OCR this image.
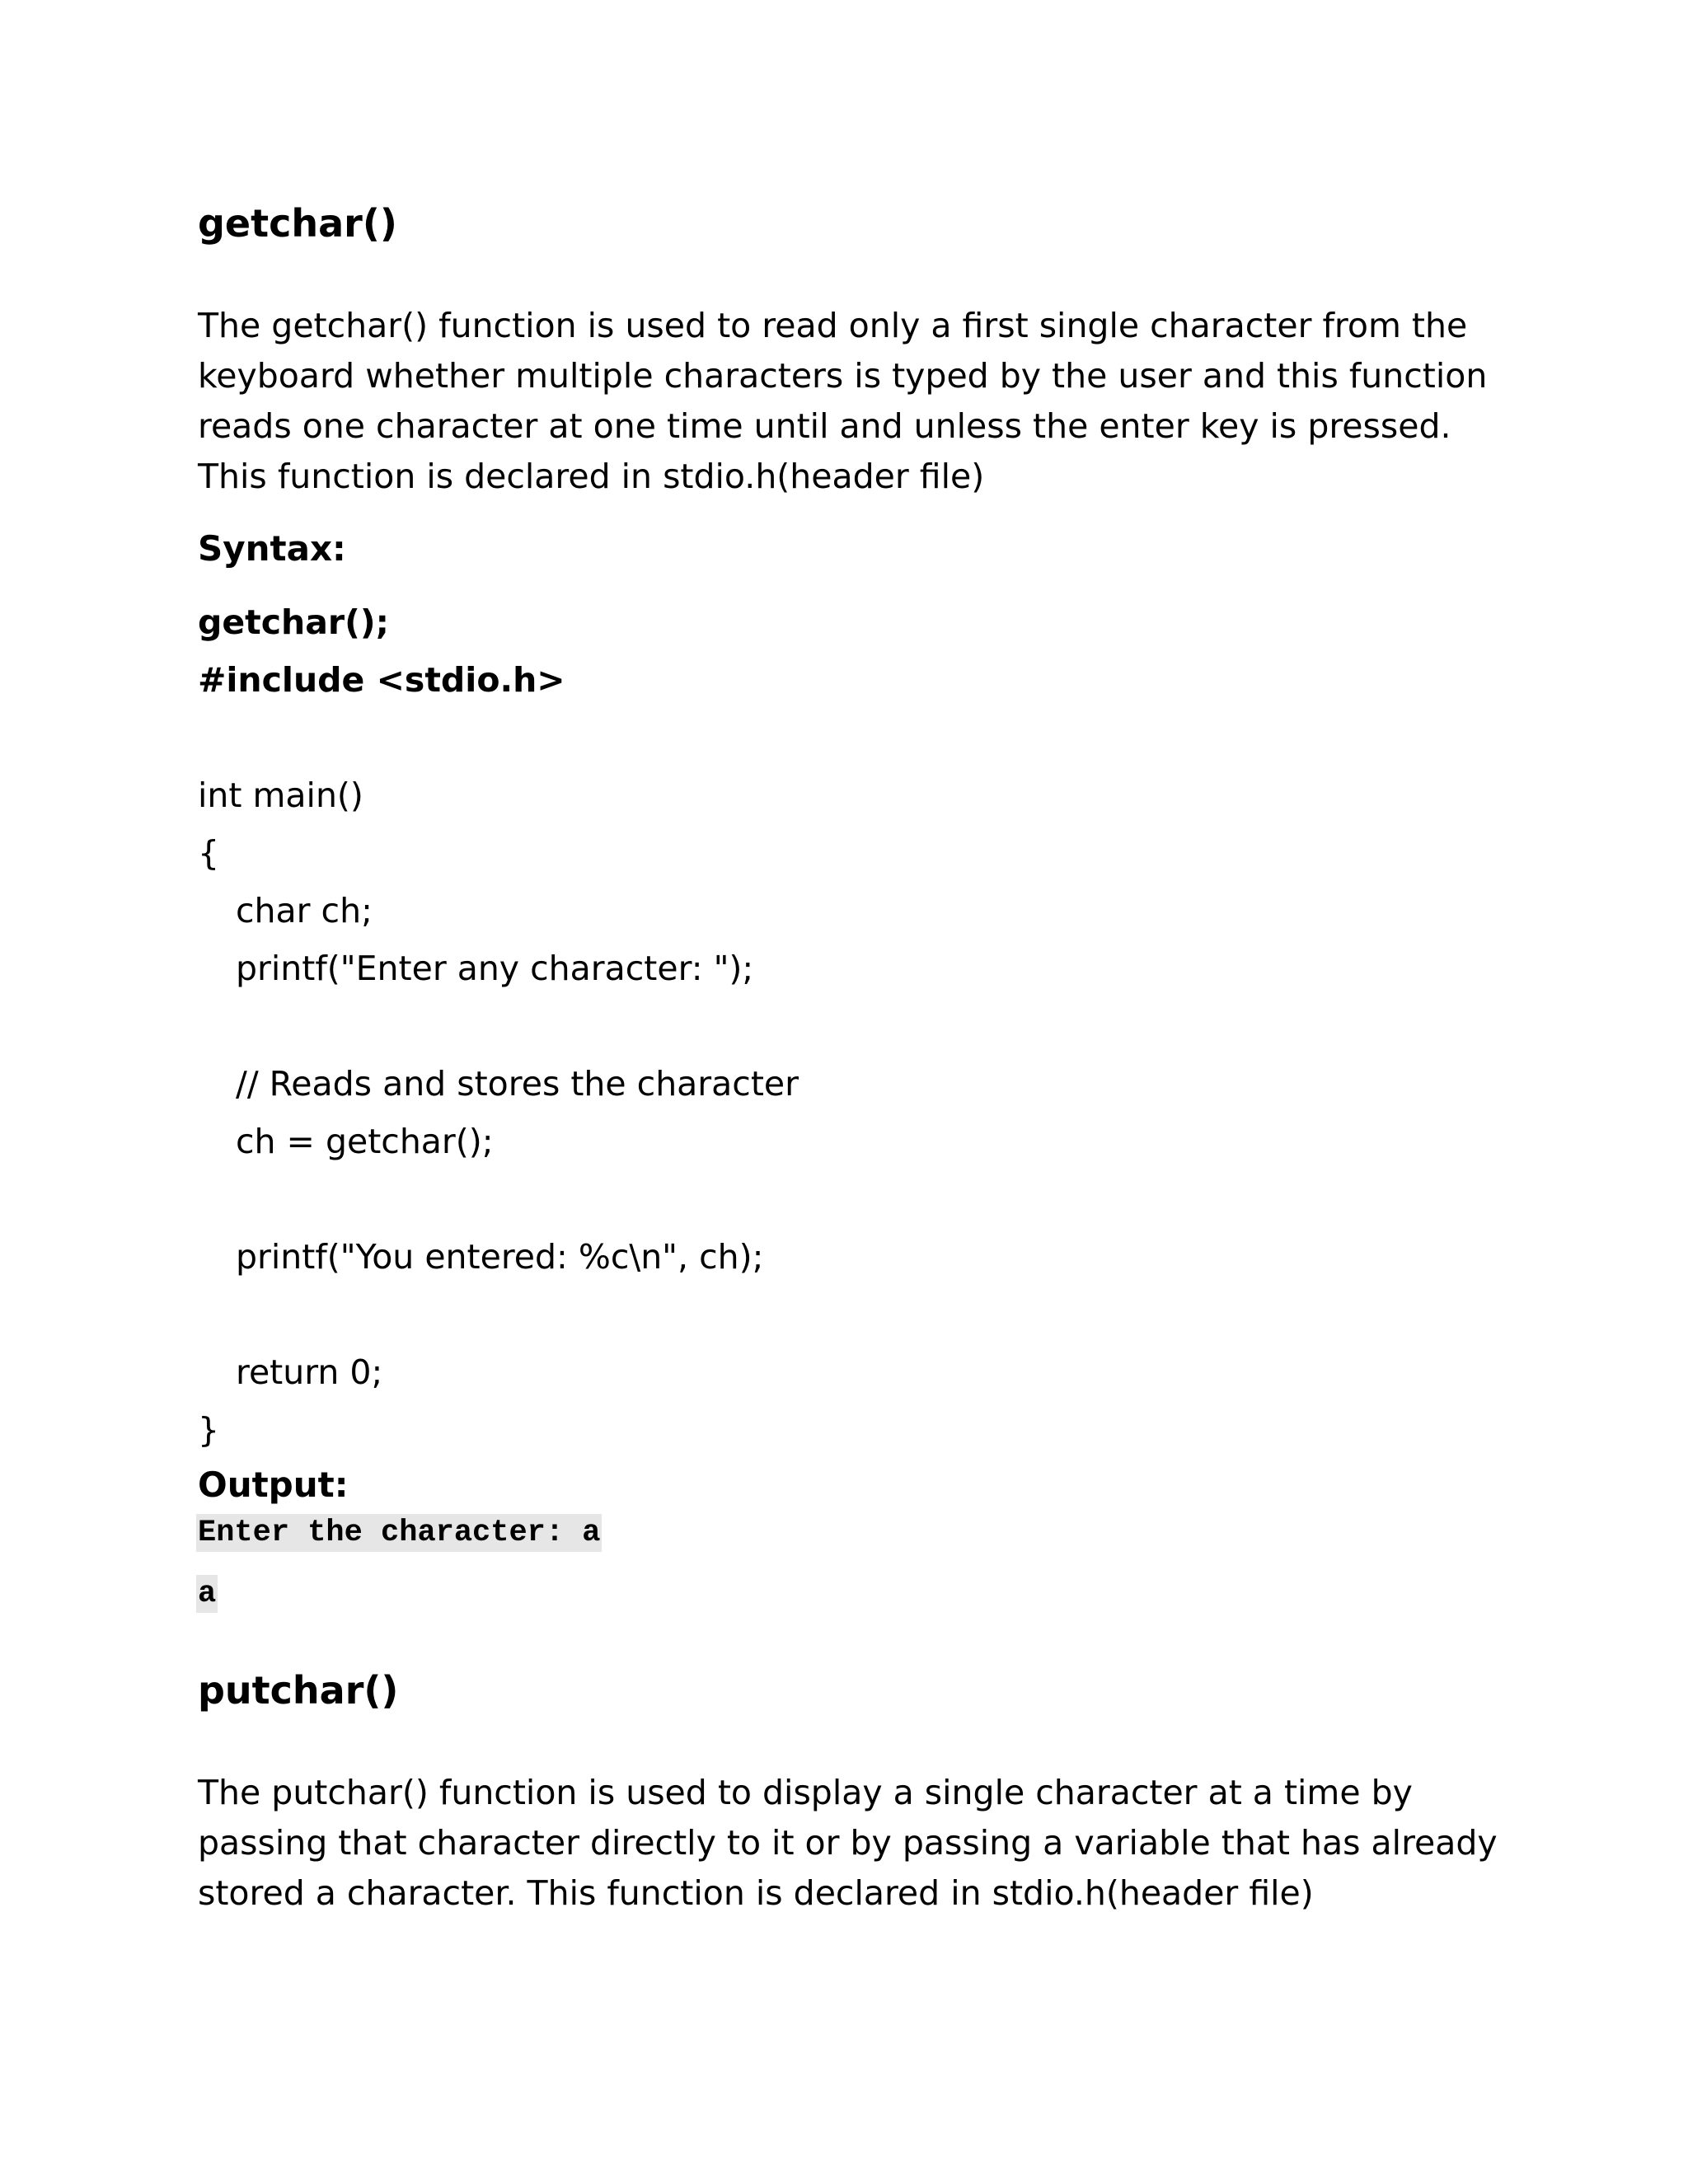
getchar()

The getchar() function is used to read only a first single character from the
keyboard whether multiple characters is typed by the user and this function
reads one character at one time until and unless the enter key is pressed.
This function is declared in stdio.h(header file)

Syntax:
getchar();
#include <stdio.h>
int main()
{
char ch;
printf("Enter any character: ");
// Reads and stores the character
ch = getchar();
printf("You entered: %c\n", ch);
return 0;
}
Output:
Enter the character: a
a
putchar()

The putchar() function is used to display a single character at a time by
passing that character directly to it or by passing a variable that has already
stored a character. This function is declared in stdio.h(header file)
